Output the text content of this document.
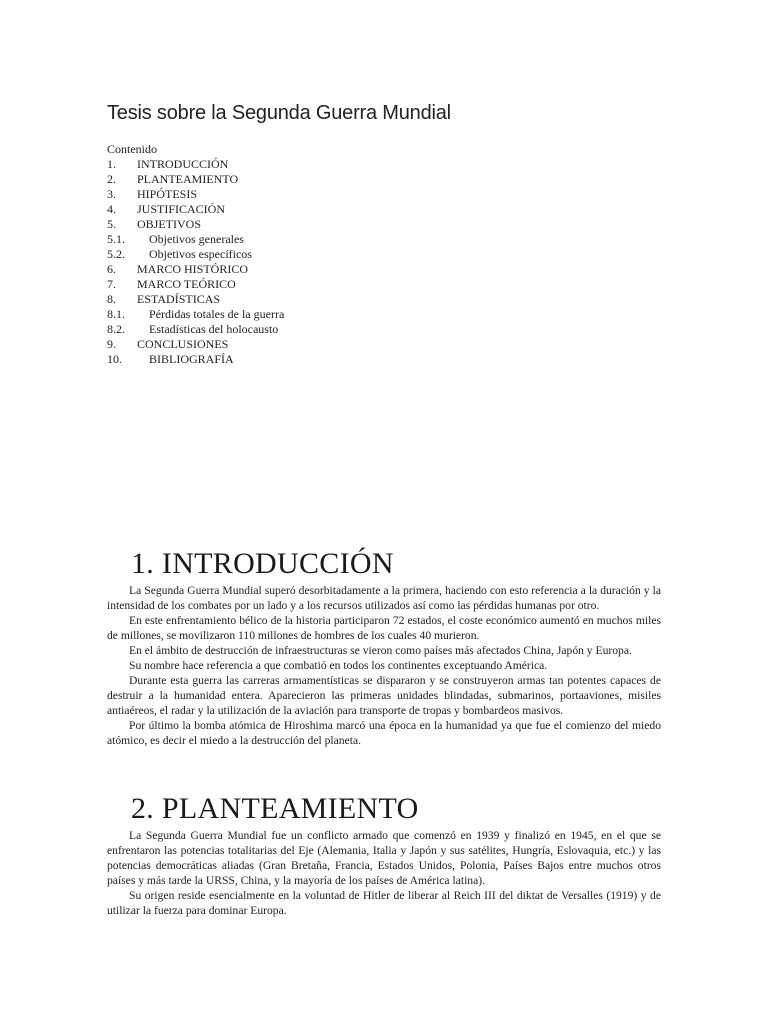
Tesis sobre la Segunda Guerra Mundial

Contenido

1. INTRODUCCIÓN
2. PLANTEAMIENTO
3. HIPÓTESIS
4. JUSTIFICACIÓN
5. OBJETIVOS
5.1. Objetivos generales
5.2. Objetivos específicos
6. MARCO HISTÓRICO
7. MARCO TEÓRICO
8. ESTADÍSTICAS
8.1. Pérdidas totales de la guerra
8.2. Estadísticas del holocausto
9. CONCLUSIONES
10. BIBLIOGRAFÍA
1. INTRODUCCIÓN

La Segunda Guerra Mundial superó desorbitadamente a la primera, haciendo con esto referencia a la duración y la intensidad de los combates por un lado y a los recursos utilizados así como las pérdidas humanas por otro.

En este enfrentamiento bélico de la historia participaron 72 estados, el coste económico aumentó en muchos miles de millones, se movilizaron 110 millones de hombres de los cuales 40 murieron.

En el ámbito de destrucción de infraestructuras se vieron como países más afectados China, Japón y Europa.

Su nombre hace referencia a que combatió en todos los continentes exceptuando América.

Durante esta guerra las carreras armamentísticas se dispararon y se construyeron armas tan potentes capaces de destruir a la humanidad entera. Aparecieron las primeras unidades blindadas, submarinos, portaaviones, misiles antiaéreos, el radar y la utilización de la aviación para transporte de tropas y bombardeos masivos.

Por último la bomba atómica de Hiroshima marcó una época en la humanidad ya que fue el comienzo del miedo atómico, es decir el miedo a la destrucción del planeta.

2. PLANTEAMIENTO

La Segunda Guerra Mundial fue un conflicto armado que comenzó en 1939 y finalizó en 1945, en el que se enfrentaron las potencias totalitarias del Eje (Alemania, Italia y Japón y sus satélites, Hungría, Eslovaquia, etc.) y las potencias democráticas aliadas (Gran Bretaña, Francia, Estados Unidos, Polonia, Países Bajos entre muchos otros países y más tarde la URSS, China, y la mayoría de los países de América latina).

Su origen reside esencialmente en la voluntad de Hitler de liberar al Reich III del diktat de Versalles (1919) y de utilizar la fuerza para dominar Europa.
